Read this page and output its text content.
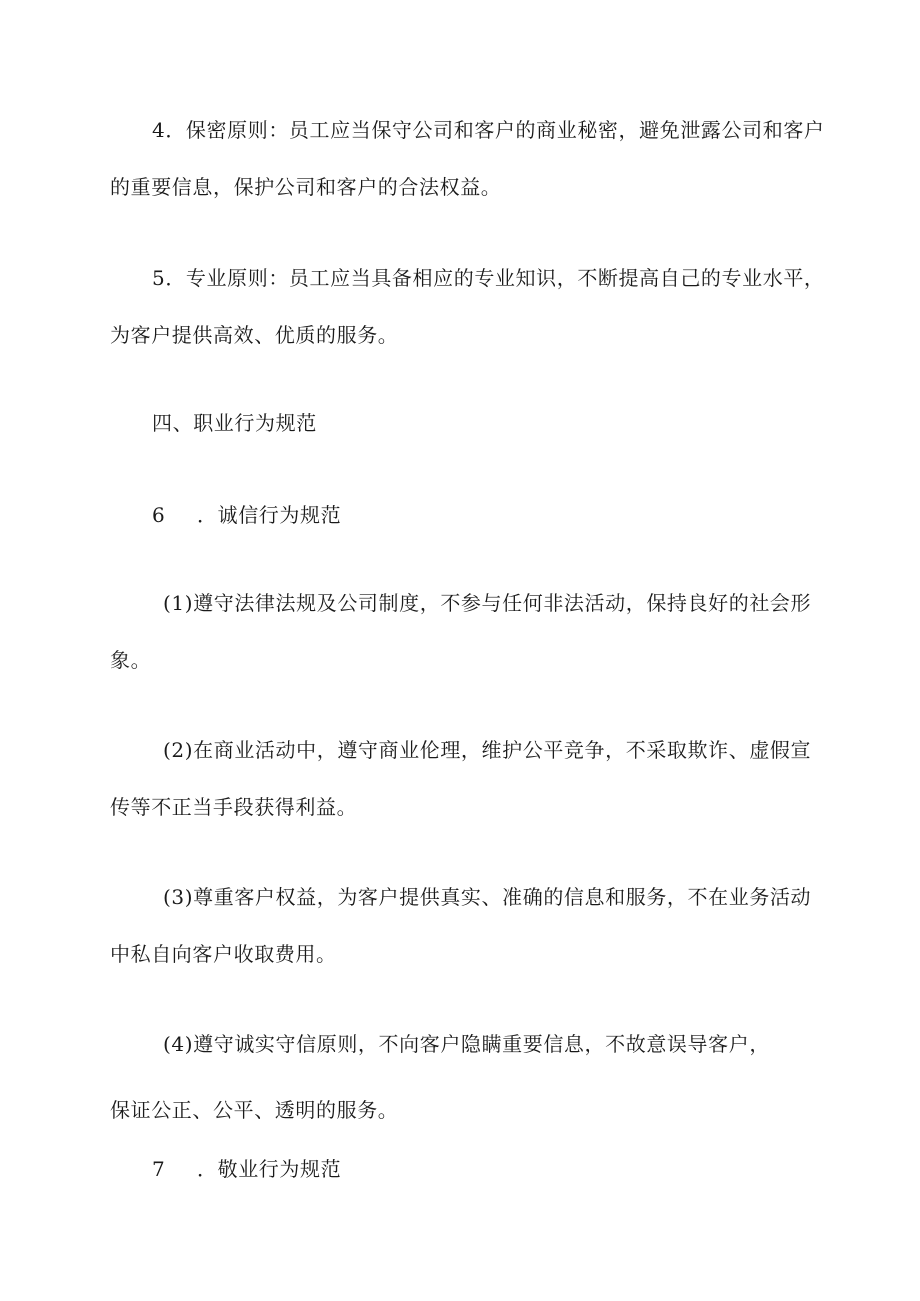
4．保密原则：员工应当保守公司和客户的商业秘密，避免泄露公司和客户
的重要信息，保护公司和客户的合法权益。
5．专业原则：员工应当具备相应的专业知识，不断提高自己的专业水平，
为客户提供高效、优质的服务。
四、职业行为规范
6 ．诚信行为规范
(1)遵守法律法规及公司制度，不参与任何非法活动，保持良好的社会形
象。
(2)在商业活动中，遵守商业伦理，维护公平竞争，不采取欺诈、虚假宣
传等不正当手段获得利益。
(3)尊重客户权益，为客户提供真实、准确的信息和服务，不在业务活动
中私自向客户收取费用。
(4)遵守诚实守信原则，不向客户隐瞒重要信息，不故意误导客户，
保证公正、公平、透明的服务。
7 ．敬业行为规范
